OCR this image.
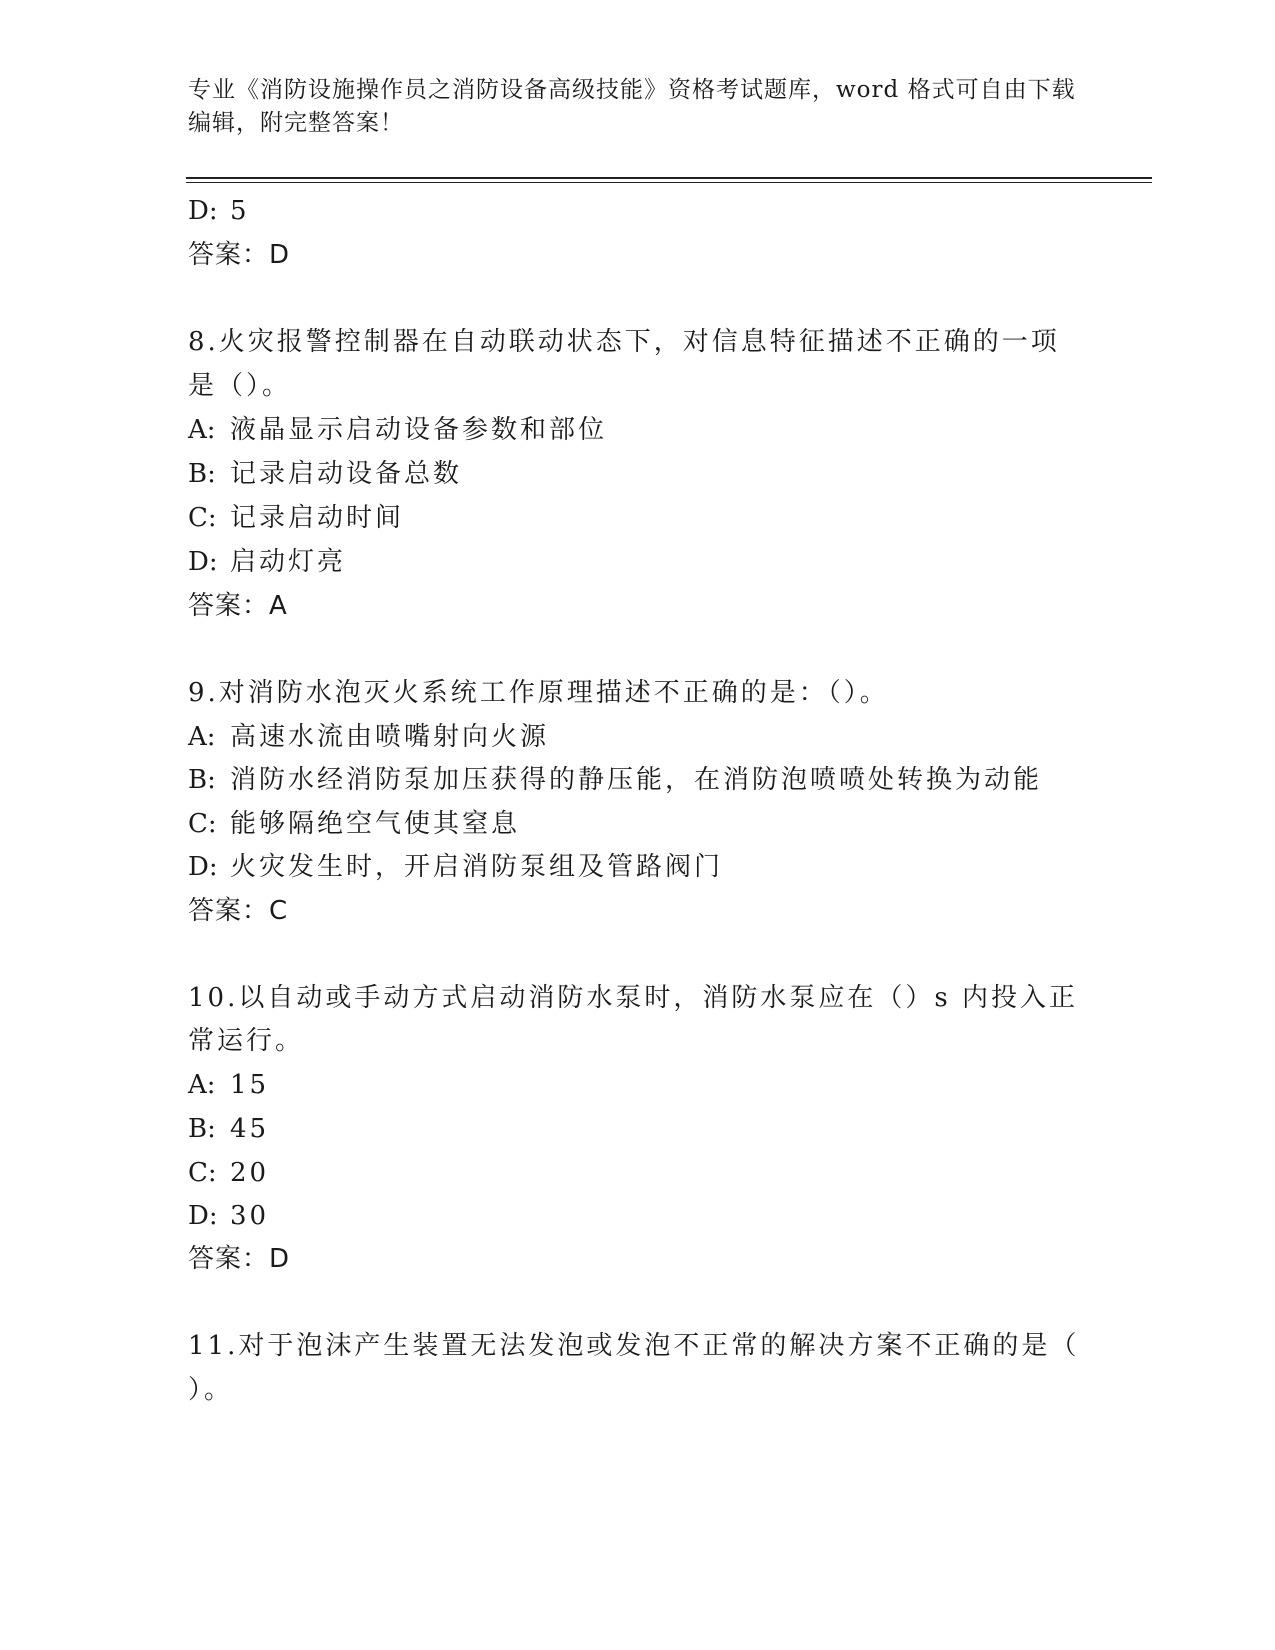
专业《消防设施操作员之消防设备高级技能》资格考试题库，word 格式可自由下载编辑，附完整答案！
D: 5
答案：D
8.火灾报警控制器在自动联动状态下，对信息特征描述不正确的一项
是（）。
A: 液晶显示启动设备参数和部位
B: 记录启动设备总数
C: 记录启动时间
D: 启动灯亮
答案：A
9.对消防水泡灭火系统工作原理描述不正确的是：（）。
A: 高速水流由喷嘴射向火源
B: 消防水经消防泵加压获得的静压能，在消防泡喷喷处转换为动能
C: 能够隔绝空气使其窒息
D: 火灾发生时，开启消防泵组及管路阀门
答案：C
10.以自动或手动方式启动消防水泵时，消防水泵应在（）s 内投入正
常运行。
A: 15
B: 45
C: 20
D: 30
答案：D
11.对于泡沫产生装置无法发泡或发泡不正常的解决方案不正确的是（
）。
